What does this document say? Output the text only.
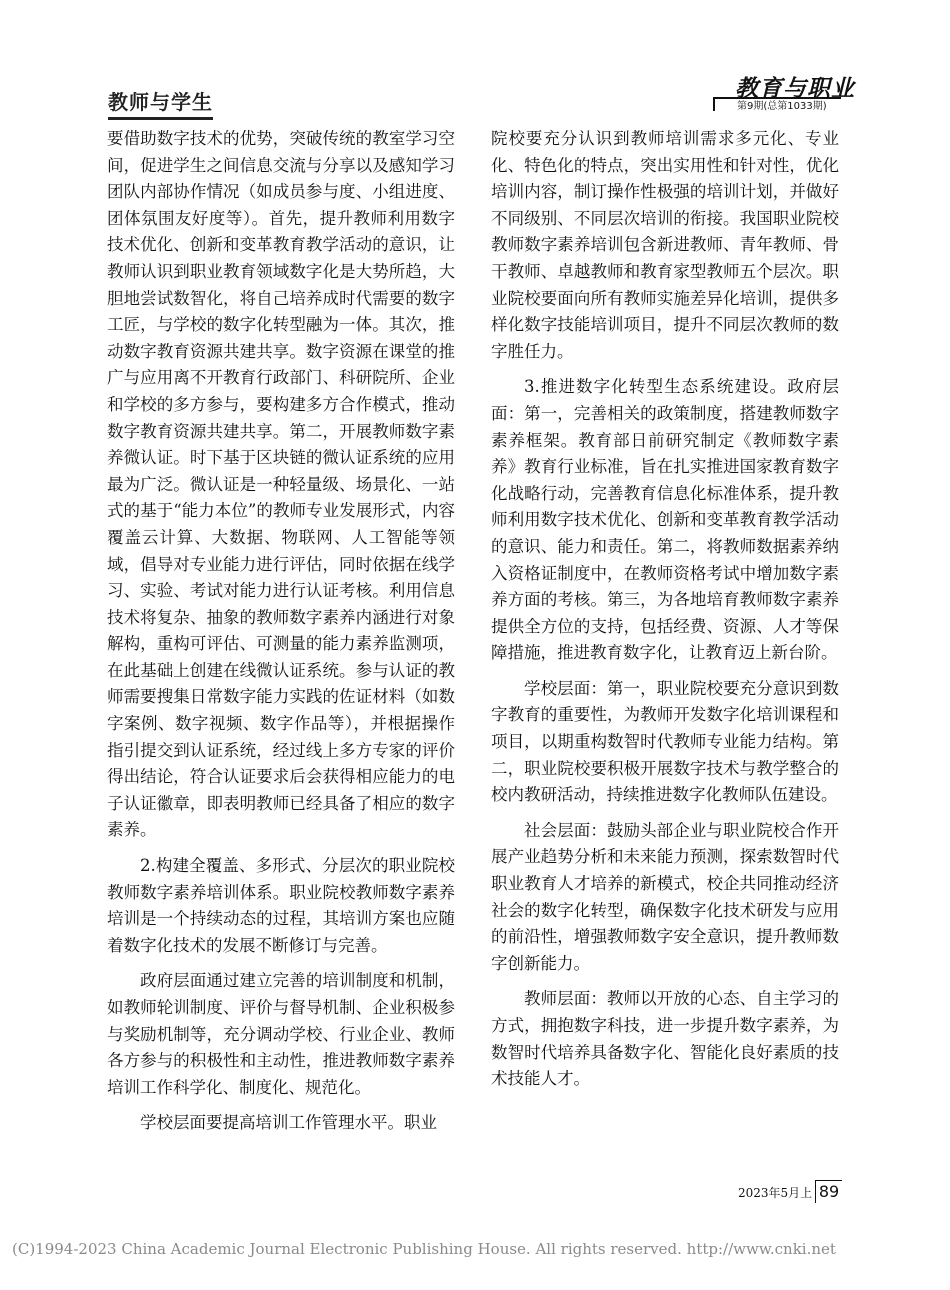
教师与学生	教育与职业
第9期(总第1033期)

要借助数字技术的优势，突破传统的教室学习空间，促进学生之间信息交流与分享以及感知学习团队内部协作情况（如成员参与度、小组进度、团体氛围友好度等）。首先，提升教师利用数字技术优化、创新和变革教育教学活动的意识，让教师认识到职业教育领域数字化是大势所趋，大胆地尝试数智化，将自己培养成时代需要的数字工匠，与学校的数字化转型融为一体。其次，推动数字教育资源共建共享。数字资源在课堂的推广与应用离不开教育行政部门、科研院所、企业和学校的多方参与，要构建多方合作模式，推动数字教育资源共建共享。第二，开展教师数字素养微认证。时下基于区块链的微认证系统的应用最为广泛。微认证是一种轻量级、场景化、一站式的基于“能力本位”的教师专业发展形式，内容覆盖云计算、大数据、物联网、人工智能等领域，倡导对专业能力进行评估，同时依据在线学习、实验、考试对能力进行认证考核。利用信息技术将复杂、抽象的教师数字素养内涵进行对象解构，重构可评估、可测量的能力素养监测项，在此基础上创建在线微认证系统。参与认证的教师需要搜集日常数字能力实践的佐证材料（如数字案例、数字视频、数字作品等），并根据操作指引提交到认证系统，经过线上多方专家的评价得出结论，符合认证要求后会获得相应能力的电子认证徽章，即表明教师已经具备了相应的数字素养。

2.构建全覆盖、多形式、分层次的职业院校教师数字素养培训体系。职业院校教师数字素养培训是一个持续动态的过程，其培训方案也应随着数字化技术的发展不断修订与完善。

政府层面通过建立完善的培训制度和机制，如教师轮训制度、评价与督导机制、企业积极参与奖励机制等，充分调动学校、行业企业、教师各方参与的积极性和主动性，推进教师数字素养培训工作科学化、制度化、规范化。

学校层面要提高培训工作管理水平。职业

院校要充分认识到教师培训需求多元化、专业化、特色化的特点，突出实用性和针对性，优化培训内容，制订操作性极强的培训计划，并做好不同级别、不同层次培训的衔接。我国职业院校教师数字素养培训包含新进教师、青年教师、骨干教师、卓越教师和教育家型教师五个层次。职业院校要面向所有教师实施差异化培训，提供多样化数字技能培训项目，提升不同层次教师的数字胜任力。

3.推进数字化转型生态系统建设。政府层面：第一，完善相关的政策制度，搭建教师数字素养框架。教育部日前研究制定《教师数字素养》教育行业标准，旨在扎实推进国家教育数字化战略行动，完善教育信息化标准体系，提升教师利用数字技术优化、创新和变革教育教学活动的意识、能力和责任。第二，将教师数据素养纳入资格证制度中，在教师资格考试中增加数字素养方面的考核。第三，为各地培育教师数字素养提供全方位的支持，包括经费、资源、人才等保障措施，推进教育数字化，让教育迈上新台阶。

学校层面：第一，职业院校要充分意识到数字教育的重要性，为教师开发数字化培训课程和项目，以期重构数智时代教师专业能力结构。第二，职业院校要积极开展数字技术与教学整合的校内教研活动，持续推进数字化教师队伍建设。

社会层面：鼓励头部企业与职业院校合作开展产业趋势分析和未来能力预测，探索数智时代职业教育人才培养的新模式，校企共同推动经济社会的数字化转型，确保数字化技术研发与应用的前沿性，增强教师数字安全意识，提升教师数字创新能力。

教师层面：教师以开放的心态、自主学习的方式，拥抱数字科技，进一步提升数字素养，为数智时代培养具备数字化、智能化良好素质的技术技能人才。

2023年5月上 89
(C)1994-2023 China Academic Journal Electronic Publishing House. All rights reserved. http://www.cnki.net
